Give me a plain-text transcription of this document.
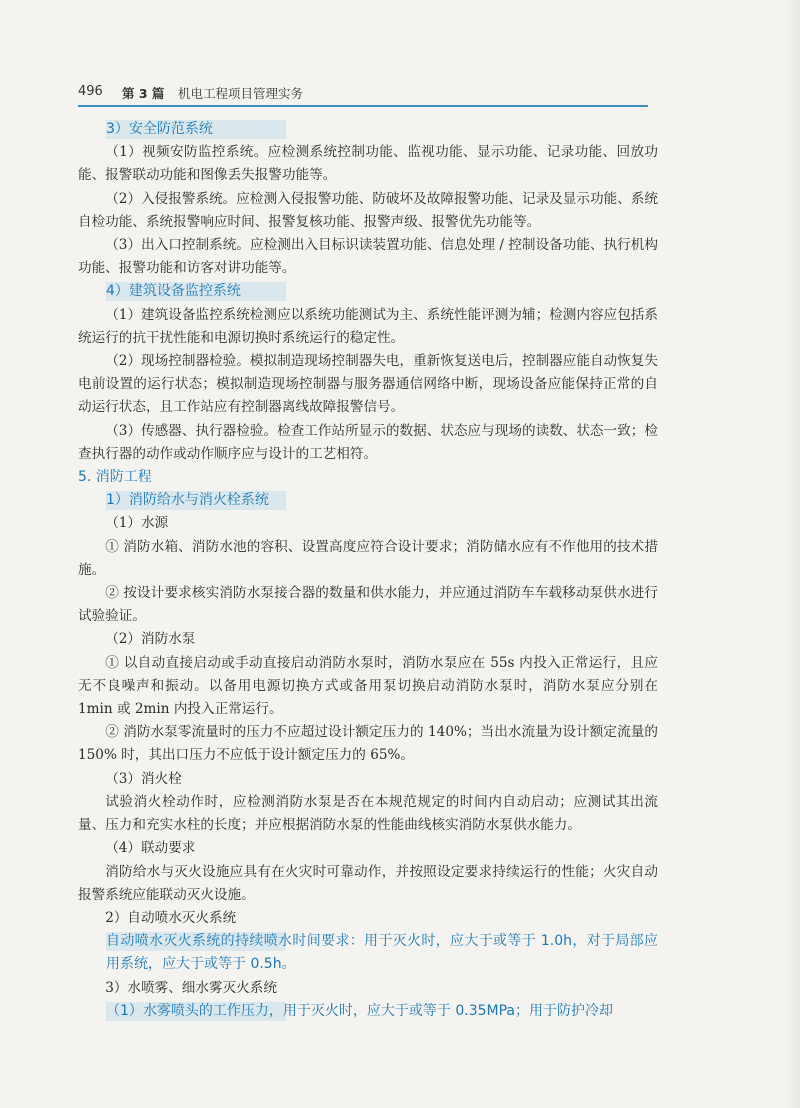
496 第 3 篇 机电工程项目管理实务

3）安全防范系统

（1）视频安防监控系统。应检测系统控制功能、监视功能、显示功能、记录功能、回放功能、报警联动功能和图像丢失报警功能等。

（2）入侵报警系统。应检测入侵报警功能、防破坏及故障报警功能、记录及显示功能、系统自检功能、系统报警响应时间、报警复核功能、报警声级、报警优先功能等。

（3）出入口控制系统。应检测出入目标识读装置功能、信息处理 / 控制设备功能、执行机构功能、报警功能和访客对讲功能等。

4）建筑设备监控系统

（1）建筑设备监控系统检测应以系统功能测试为主、系统性能评测为辅；检测内容应包括系统运行的抗干扰性能和电源切换时系统运行的稳定性。

（2）现场控制器检验。模拟制造现场控制器失电，重新恢复送电后，控制器应能自动恢复失电前设置的运行状态；模拟制造现场控制器与服务器通信网络中断，现场设备应能保持正常的自动运行状态，且工作站应有控制器离线故障报警信号。

（3）传感器、执行器检验。检查工作站所显示的数据、状态应与现场的读数、状态一致；检查执行器的动作或动作顺序应与设计的工艺相符。

5. 消防工程

1）消防给水与消火栓系统

（1）水源

① 消防水箱、消防水池的容积、设置高度应符合设计要求；消防储水应有不作他用的技术措施。

② 按设计要求核实消防水泵接合器的数量和供水能力，并应通过消防车车载移动泵供水进行试验验证。

（2）消防水泵

① 以自动直接启动或手动直接启动消防水泵时，消防水泵应在 55s 内投入正常运行，且应无不良噪声和振动。以备用电源切换方式或备用泵切换启动消防水泵时，消防水泵应分别在 1min 或 2min 内投入正常运行。

② 消防水泵零流量时的压力不应超过设计额定压力的 140%；当出水流量为设计额定流量的 150% 时，其出口压力不应低于设计额定压力的 65%。

（3）消火栓

试验消火栓动作时，应检测消防水泵是否在本规范规定的时间内自动启动；应测试其出流量、压力和充实水柱的长度；并应根据消防水泵的性能曲线核实消防水泵供水能力。

（4）联动要求

消防给水与灭火设施应具有在火灾时可靠动作，并按照设定要求持续运行的性能；火灾自动报警系统应能联动灭火设施。

2）自动喷水灭火系统

自动喷水灭火系统的持续喷水时间要求：用于灭火时，应大于或等于 1.0h，对于局部应用系统，应大于或等于 0.5h。

3）水喷雾、细水雾灭火系统

（1）水雾喷头的工作压力，用于灭火时，应大于或等于 0.35MPa；用于防护冷却
